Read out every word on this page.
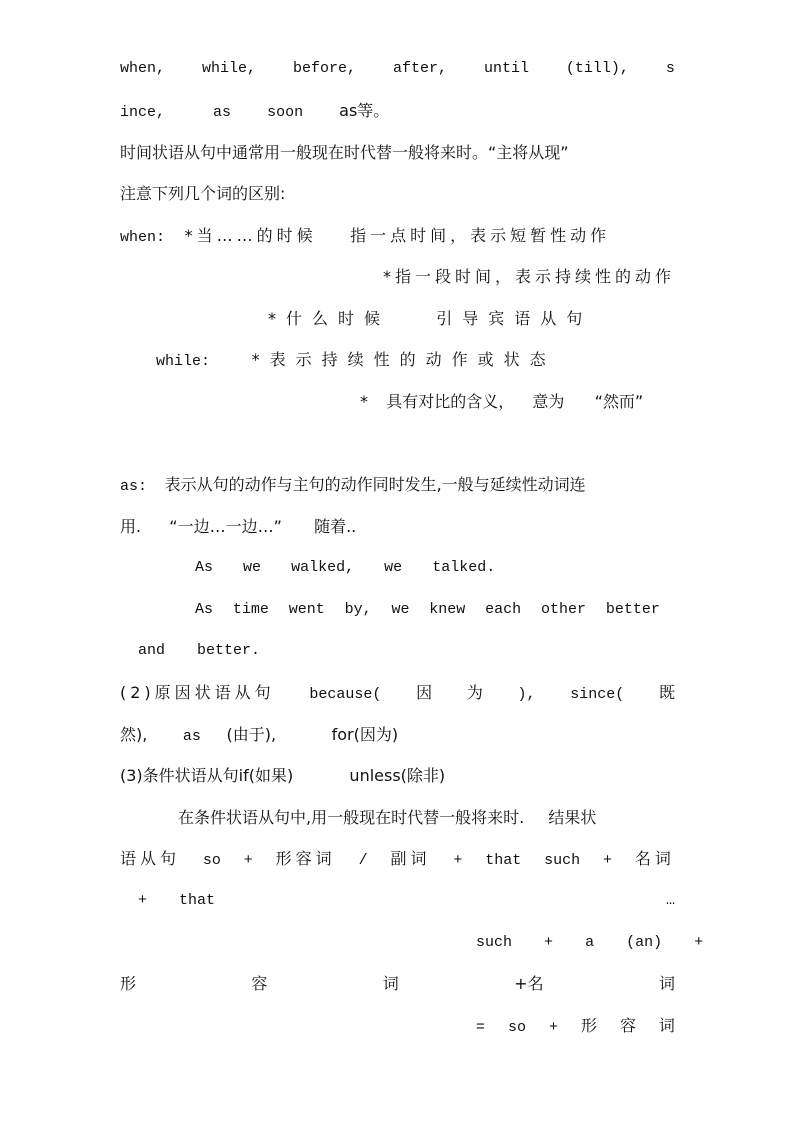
when, while, before, after, until (till), s
ince,	as soon as等。
时间状语从句中通常用一般现在时代替一般将来时。“主将从现”
注意下列几个词的区别:
when: *当……的时候 指一点时间，表示短暂性动作
*指一段时间，表示持续性的动作
*什么时候	引导宾语从句
while:	*表示持续性的动作或状态
* 具有对比的含义， 意为 “然而”
as: 表示从句的动作与主句的动作同时发生,一般与延续性动词连
用. “一边…一边…” 随着..
As we walked, we talked.
As time went by, we knew each other better
and better.
(2)原因状语从句 because( 因 为 ), since( 既
然), as (由于),	for(因为)
(3)条件状语从句if(如果)	unless(除非)
在条件状语从句中,用一般现在时代替一般将来时. 结果状
语从句 so + 形容词 / 副词 + that such + 名词
+ that	…
such + a (an) +
形	容	词	+名	词
= so + 形 容 词
